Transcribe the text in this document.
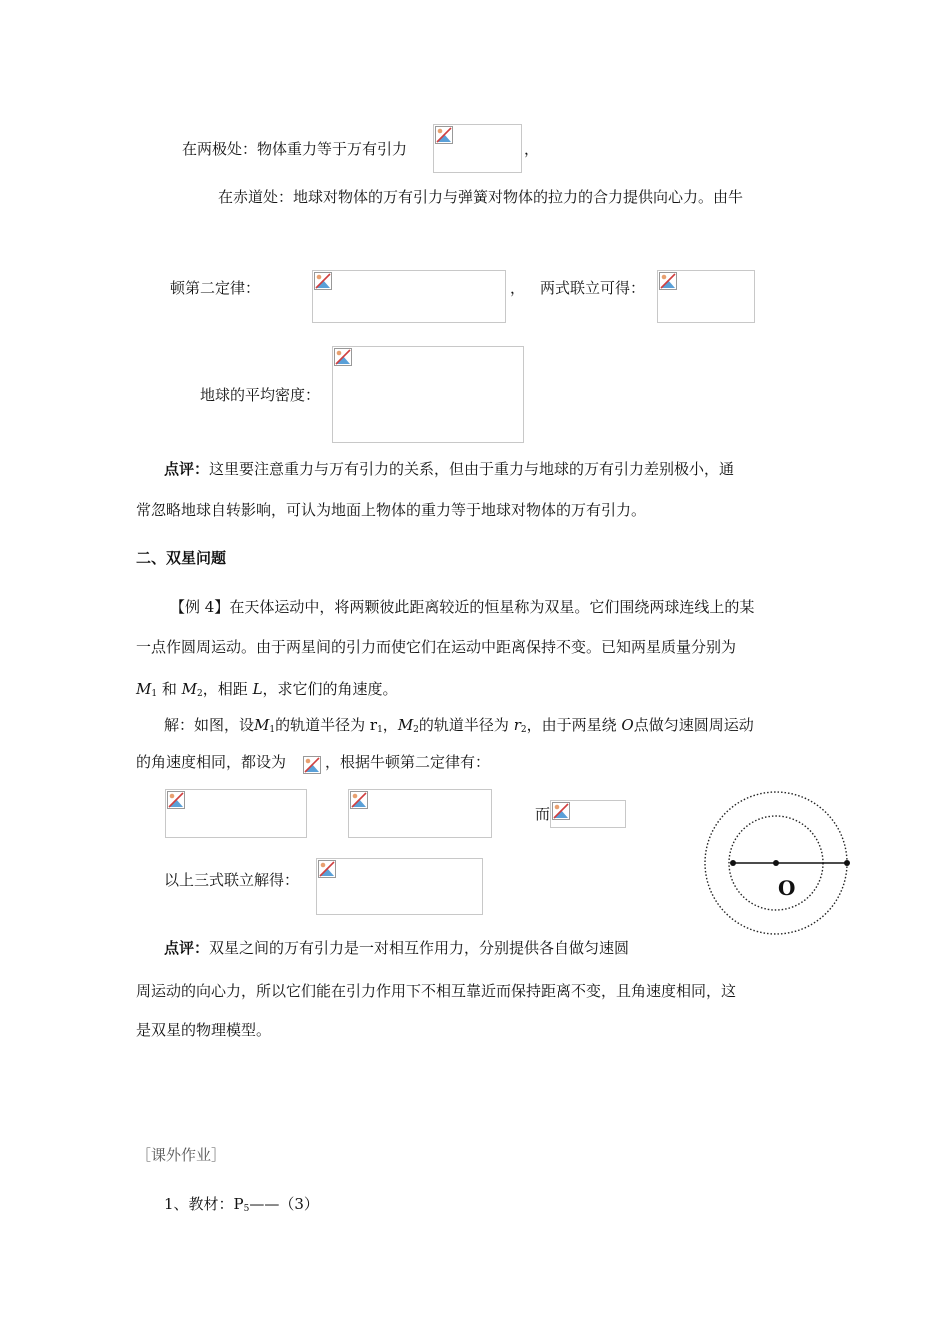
在两极处：物体重力等于万有引力	，
在赤道处：地球对物体的万有引力与弹簧对物体的拉力的合力提供向心力。由牛
顿第二定律：	， 两式联立可得：
地球的平均密度：
点评：这里要注意重力与万有引力的关系，但由于重力与地球的万有引力差别极小，通
常忽略地球自转影响，可认为地面上物体的重力等于地球对物体的万有引力。
二、双星问题
【例 4】在天体运动中，将两颗彼此距离较近的恒星称为双星。它们围绕两球连线上的某
一点作圆周运动。由于两星间的引力而使它们在运动中距离保持不变。已知两星质量分别为
$M_1$ 和 $M_2$，相距 L，求它们的角速度。
解：如图，设$M_1$的轨道半径为 $r_1$，$M_2$的轨道半径为 $r_2$，由于两星绕 O点做匀速圆周运动
的角速度相同，都设为	，根据牛顿第二定律有：
而
以上三式联立解得：	O
点评：双星之间的万有引力是一对相互作用力，分别提供各自做匀速圆
周运动的向心力，所以它们能在引力作用下不相互靠近而保持距离不变，且角速度相同，这
是双星的物理模型。
［课外作业］
1、教材：$P_5——(3)$
